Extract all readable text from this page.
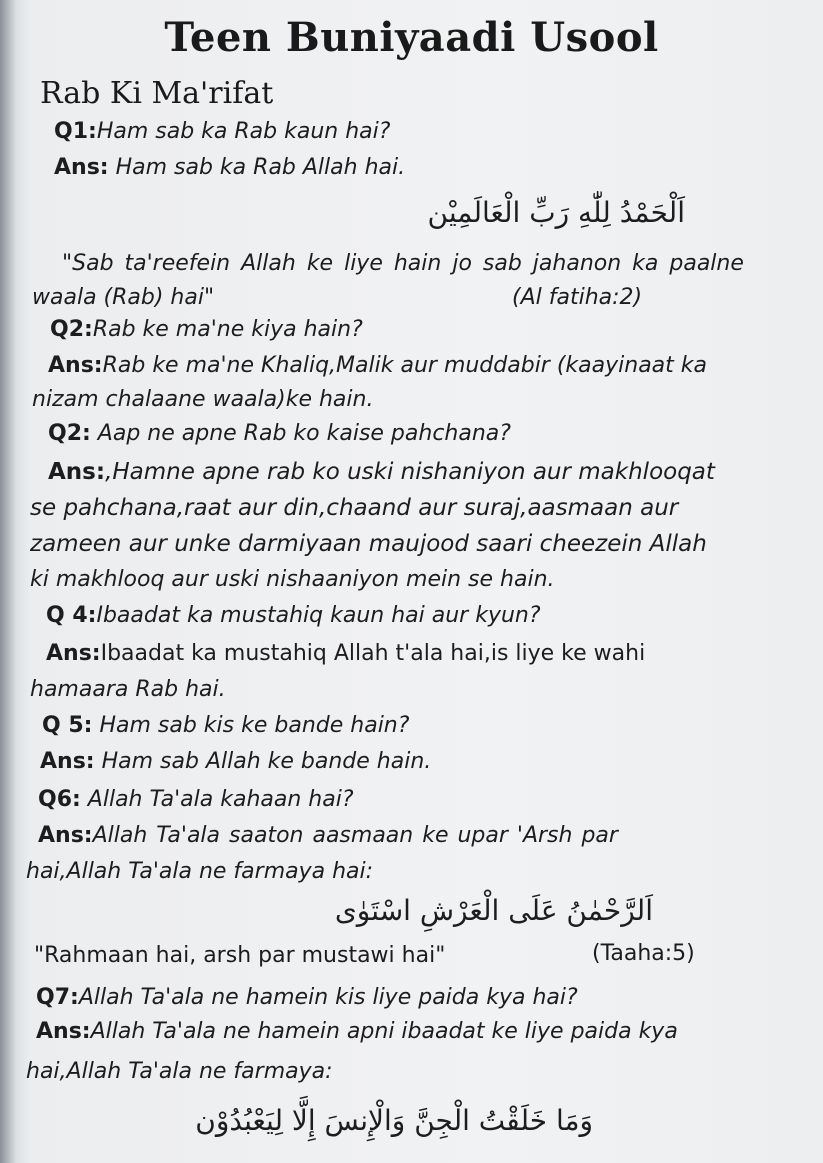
Teen Buniyaadi Usool
Rab Ki Ma'rifat
Q1:Ham sab ka Rab kaun hai?
Ans: Ham sab ka Rab Allah hai.
اَلْحَمْدُ لِلّٰهِ رَبِّ الْعَالَمِيْن
"Sab ta'reefein Allah ke liye hain jo sab jahanon ka paalne
waala (Rab) hai"	(Al fatiha:2)
Q2:Rab ke ma'ne kiya hain?
Ans:Rab ke ma'ne Khaliq,Malik aur muddabir (kaayinaat ka
nizam chalaane waala)ke hain.
Q2: Aap ne apne Rab ko kaise pahchana?
Ans:,Hamne apne rab ko uski nishaniyon aur makhlooqat
se pahchana,raat aur din,chaand aur suraj,aasmaan aur
zameen aur unke darmiyaan maujood saari cheezein Allah
ki makhlooq aur uski nishaaniyon mein se hain.
Q 4:Ibaadat ka mustahiq kaun hai aur kyun?
Ans:Ibaadat ka mustahiq Allah t'ala hai,is liye ke wahi
hamaara Rab hai.
Q 5: Ham sab kis ke bande hain?
Ans: Ham sab Allah ke bande hain.
Q6: Allah Ta'ala kahaan hai?
Ans:Allah Ta'ala saaton aasmaan ke upar 'Arsh par
hai,Allah Ta'ala ne farmaya hai:
اَلرَّحْمٰنُ عَلَى الْعَرْشِ اسْتَوٰى
"Rahmaan hai, arsh par mustawi hai"	(Taaha:5)
Q7:Allah Ta'ala ne hamein kis liye paida kya hai?
Ans:Allah Ta'ala ne hamein apni ibaadat ke liye paida kya
hai,Allah Ta'ala ne farmaya:
وَمَا خَلَقْتُ الْجِنَّ وَالْإِنسَ إِلَّا لِيَعْبُدُوْن
